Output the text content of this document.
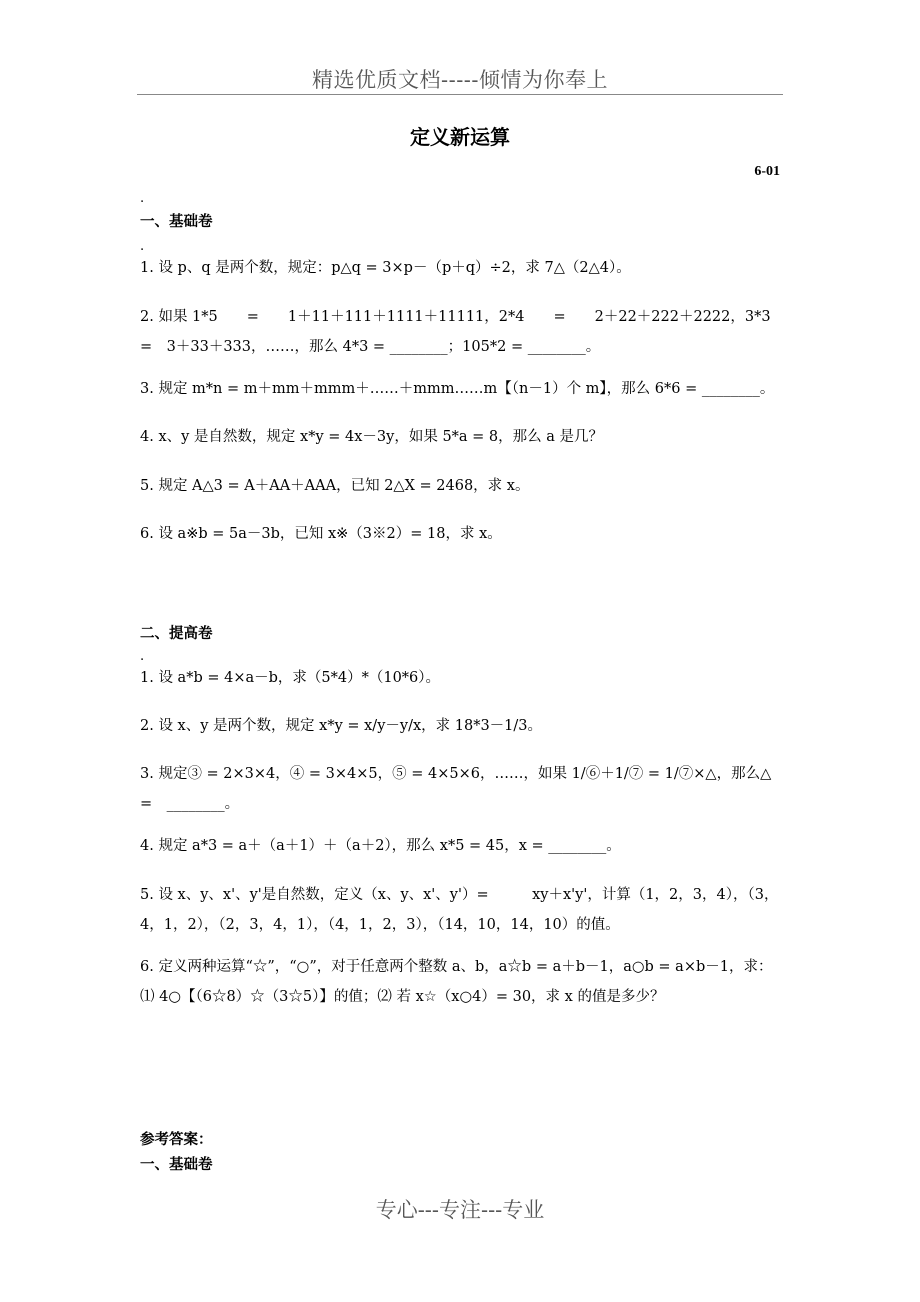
精选优质文档-----倾情为你奉上
定义新运算
6-01
.
一、基础卷
.
1. 设 p、q 是两个数，规定：p△q = 3×p－（p＋q）÷2，求 7△（2△4）。
2. 如果 1*5　　=　　1＋11＋111＋1111＋11111，2*4　　=　　2＋22＋222＋2222，3*3　　=　3＋33＋333，……，那么 4*3 = ________；105*2 = ________。
3. 规定 m*n = m＋mm＋mmm＋……＋mmm……m【（n－1）个 m】，那么 6*6 = ________。
4. x、y 是自然数，规定 x*y = 4x－3y，如果 5*a = 8，那么 a 是几？
5. 规定 A△3 = A＋AA＋AAA，已知 2△X = 2468，求 x。
6. 设 a※b = 5a－3b，已知 x※（3※2）= 18，求 x。
二、提高卷
.
1. 设 a*b = 4×a－b，求（5*4）*（10*6）。
2. 设 x、y 是两个数，规定 x*y = x/y－y/x，求 18*3－1/3。
3. 规定③ = 2×3×4，④ = 3×4×5，⑤ = 4×5×6，……，如果 1/⑥＋1/⑦ = 1/⑦×△，那么△ =　________。
4. 规定 a*3 = a＋（a＋1）＋（a＋2），那么 x*5 = 45，x = ________。
5. 设 x、y、x'、y'是自然数，定义（x、y、x'、y'）=　　　xy＋x'y'，计算（1，2，3，4），（3，4，1，2），（2，3，4，1），（4，1，2，3），（14，10，14，10）的值。
6. 定义两种运算“☆”，“○”，对于任意两个整数 a、b，a☆b = a＋b－1，a○b = a×b－1，求：⑴ 4○【（6☆8）☆（3☆5）】的值；⑵ 若 x☆（x○4）= 30，求 x 的值是多少？
参考答案：
一、基础卷
专心---专注---专业
